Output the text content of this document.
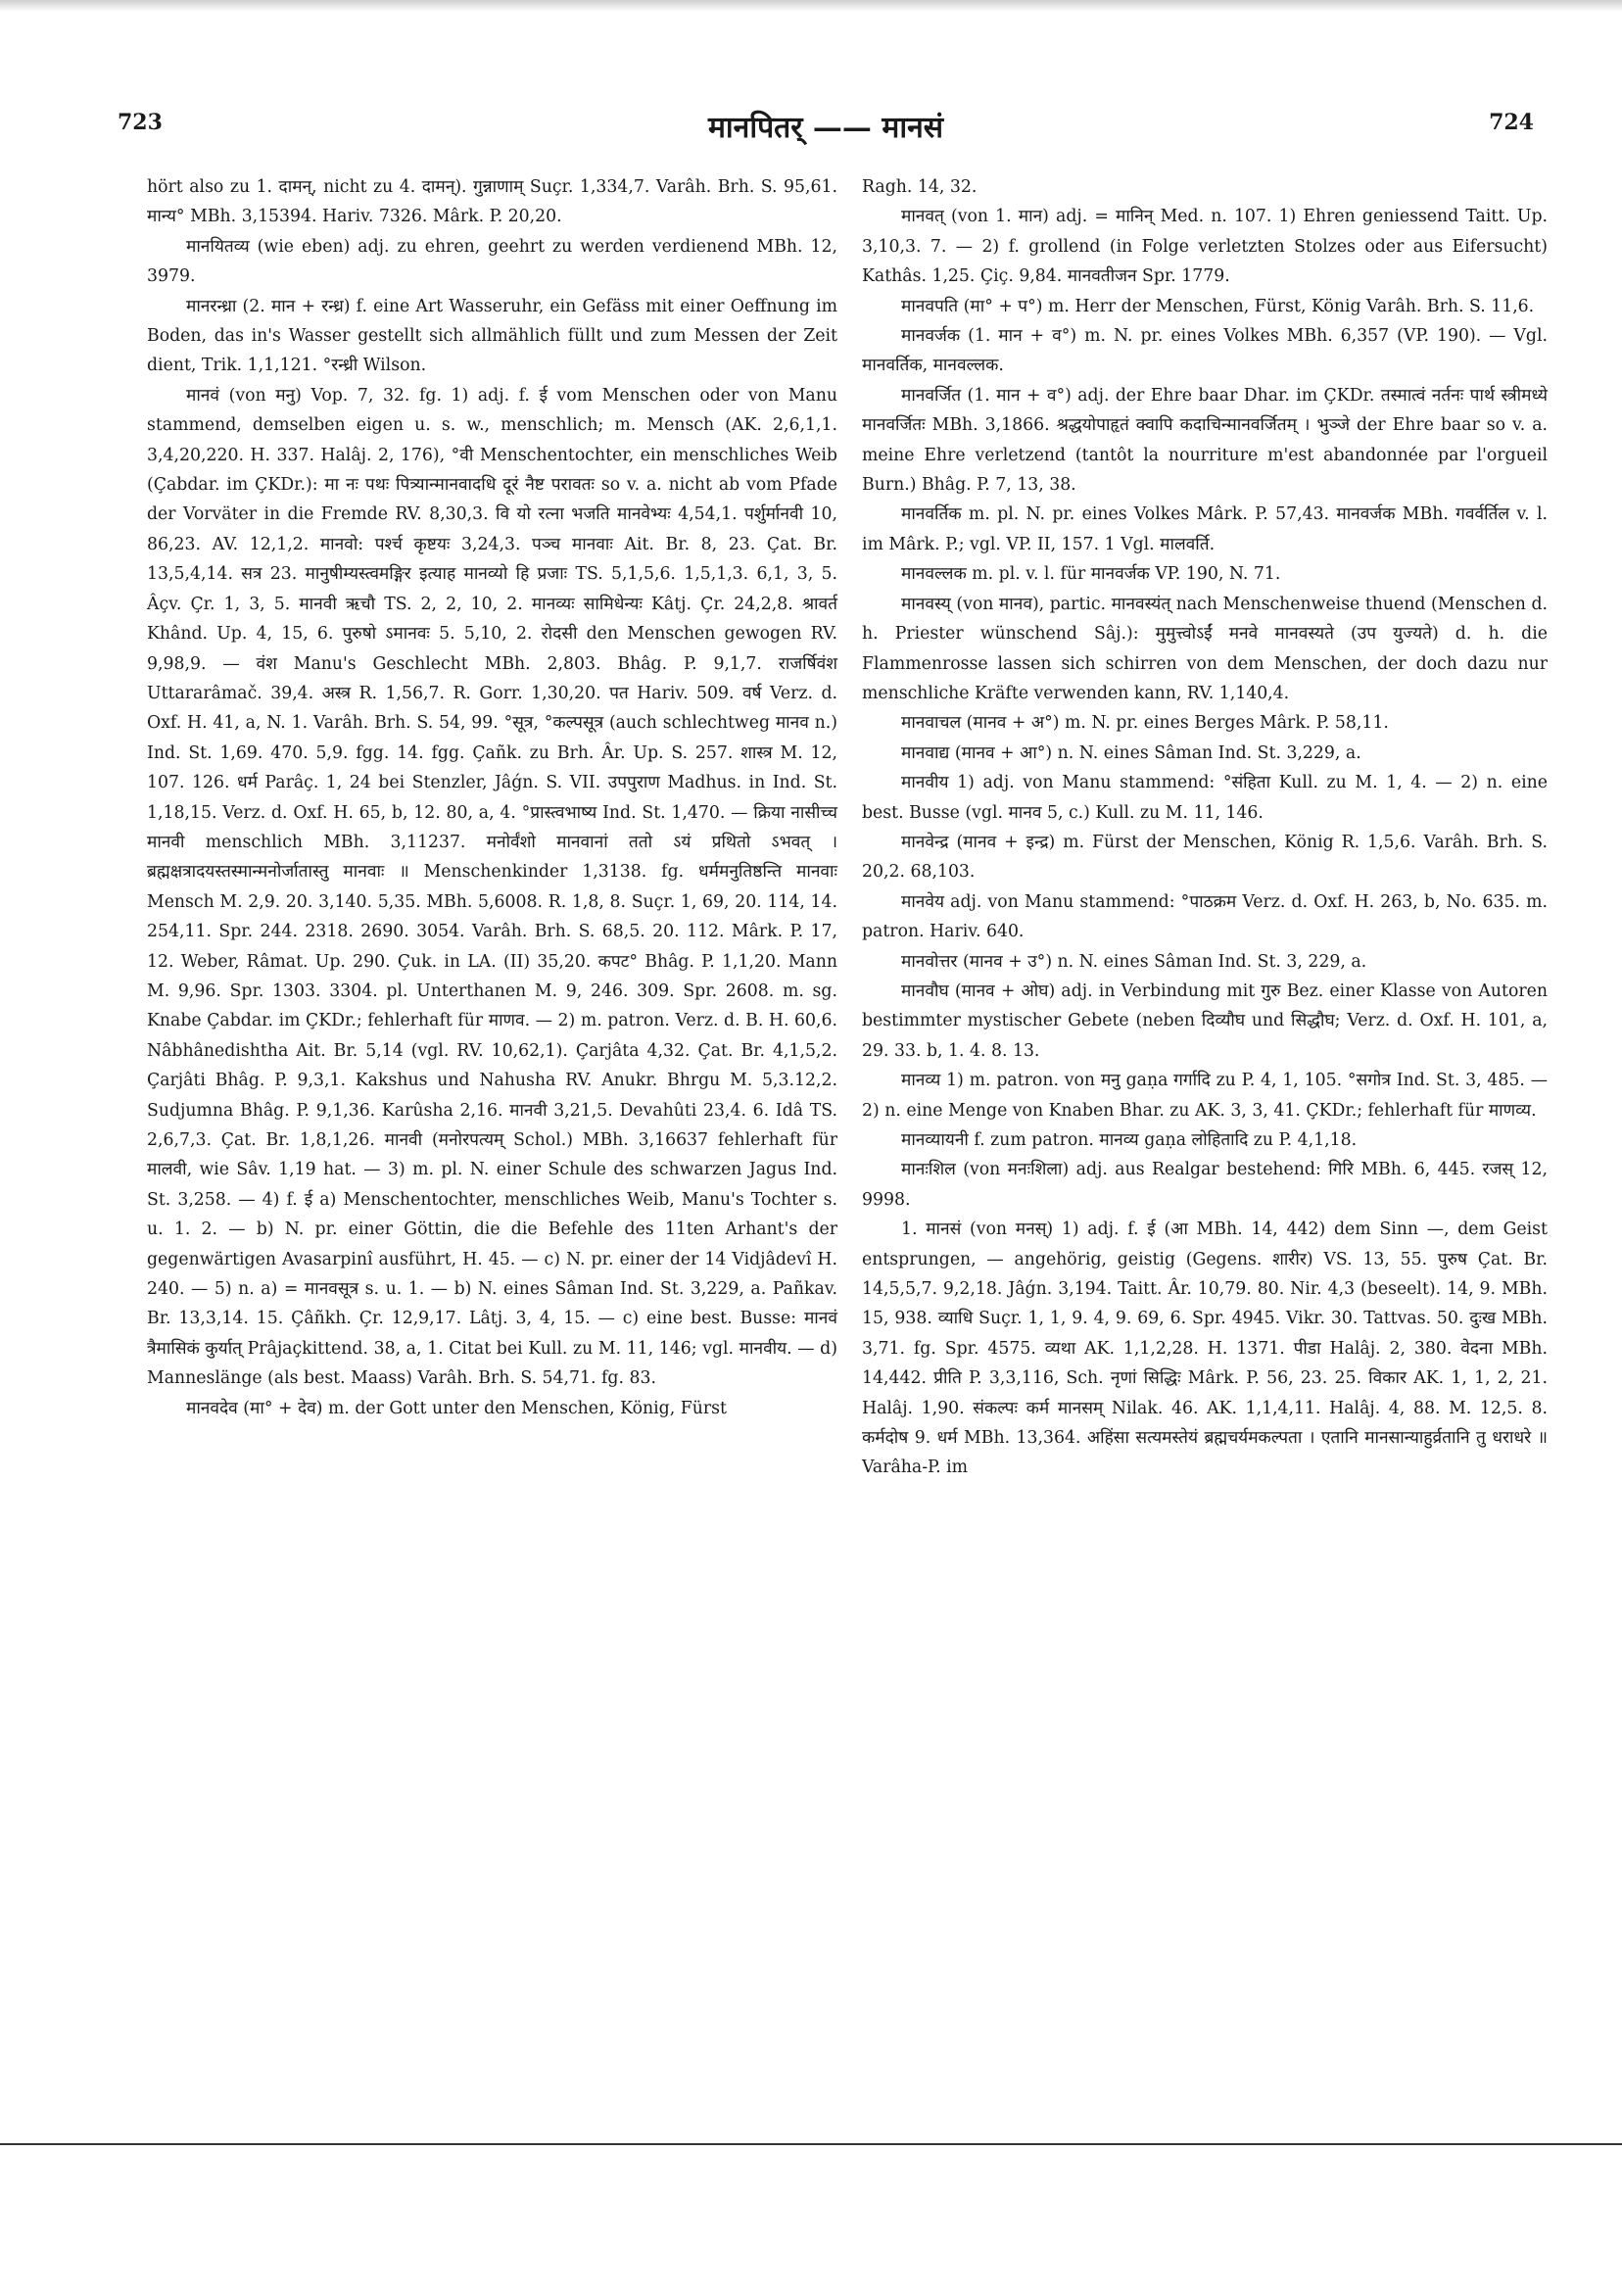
723	मानपितर् —— मानसं	724

hört also zu 1. दामन्, nicht zu 4. दामन्). गुन्नाणाम् Suçr. 1,334,7. Varâh. Brh. S. 95,61. मान्य° MBh. 3,15394. Hariv. 7326. Mârk. P. 20,20.

मानयितव्य (wie eben) adj. zu ehren, geehrt zu werden verdienend MBh. 12, 3979.

मानरन्ध्रा (2. मान + रन्ध्र) f. eine Art Wasseruhr, ein Gefäss mit einer Oeffnung im Boden, das in's Wasser gestellt sich allmählich füllt und zum Messen der Zeit dient, Trik. 1,1,121. °रन्ध्री Wilson.

मानवं (von मनु) Vop. 7, 32. fg. 1) adj. f. ई vom Menschen oder von Manu stammend, demselben eigen u. s. w., menschlich; m. Mensch (AK. 2,6,1,1. 3,4,20,220. H. 337. Halâj. 2, 176), °वी Menschentochter, ein menschliches Weib (Çabdar. im ÇKDr.): मा नः पथः पित्र्यान्मानवादधि दूरं नैष्ट परावतः so v. a. nicht ab vom Pfade der Vorväter in die Fremde RV. 8,30,3. वि यो रत्ना भजति मानवेभ्यः 4,54,1. पर्शुर्मानवी 10, 86,23. AV. 12,1,2. मानवो: पर्श्च कृष्टयः 3,24,3. पञ्च मानवाः Ait. Br. 8, 23. Çat. Br. 13,5,4,14. सत्र 23. मानुषीम्यस्त्वमङ्गिर इत्याह मानव्यो हि प्रजाः TS. 5,1,5,6. 1,5,1,3. 6,1, 3, 5. Âçv. Çr. 1, 3, 5. मानवी ऋचौ TS. 2, 2, 10, 2. मानव्यः सामिधेन्यः Kâtj. Çr. 24,2,8. श्रावर्त Khând. Up. 4, 15, 6. पुरुषो ऽमानवः 5. 5,10, 2. रोदसी den Menschen gewogen RV. 9,98,9. — वंश Manu's Geschlecht MBh. 2,803. Bhâg. P. 9,1,7. राजर्षिवंश Uttararâmač. 39,4. अस्त्र R. 1,56,7. R. Gorr. 1,30,20. पत Hariv. 509. वर्ष Verz. d. Oxf. H. 41, a, N. 1. Varâh. Brh. S. 54, 99. °सूत्र, °कल्पसूत्र (auch schlechtweg मानव n.) Ind. St. 1,69. 470. 5,9. fgg. 14. fgg. Çañk. zu Brh. Âr. Up. S. 257. शास्त्र M. 12, 107. 126. धर्म Parâç. 1, 24 bei Stenzler, Jâǵn. S. VII. उपपुराण Madhus. in Ind. St. 1,18,15. Verz. d. Oxf. H. 65, b, 12. 80, a, 4. °प्रास्त्वभाष्य Ind. St. 1,470. — क्रिया नासीच्च मानवी menschlich MBh. 3,11237. मनोर्वंशो मानवानां ततो ऽयं प्रथितो ऽभवत् । ब्रह्मक्षत्रादयस्तस्मान्मनोर्जातास्तु मानवाः ॥ Menschenkinder 1,3138. fg. धर्ममनुतिष्ठन्ति मानवाः Mensch M. 2,9. 20. 3,140. 5,35. MBh. 5,6008. R. 1,8, 8. Suçr. 1, 69, 20. 114, 14. 254,11. Spr. 244. 2318. 2690. 3054. Varâh. Brh. S. 68,5. 20. 112. Mârk. P. 17, 12. Weber, Râmat. Up. 290. Çuk. in LA. (II) 35,20. कपट° Bhâg. P. 1,1,20. Mann M. 9,96. Spr. 1303. 3304. pl. Unterthanen M. 9, 246. 309. Spr. 2608. m. sg. Knabe Çabdar. im ÇKDr.; fehlerhaft für माणव. — 2) m. patron. Verz. d. B. H. 60,6. Nâbhânedishtha Ait. Br. 5,14 (vgl. RV. 10,62,1). Çarjâta 4,32. Çat. Br. 4,1,5,2. Çarjâti Bhâg. P. 9,3,1. Kakshus und Nahusha RV. Anukr. Bhrgu M. 5,3.12,2. Sudjumna Bhâg. P. 9,1,36. Karûsha 2,16. मानवी 3,21,5. Devahûti 23,4. 6. Idâ TS. 2,6,7,3. Çat. Br. 1,8,1,26. मानवी (मनोरपत्यम् Schol.) MBh. 3,16637 fehlerhaft für मालवी, wie Sâv. 1,19 hat. — 3) m. pl. N. einer Schule des schwarzen Jagus Ind. St. 3,258. — 4) f. ई a) Menschentochter, menschliches Weib, Manu's Tochter s. u. 1. 2. — b) N. pr. einer Göttin, die die Befehle des 11ten Arhant's der gegenwärtigen Avasarpinî ausführt, H. 45. — c) N. pr. einer der 14 Vidjâdevî H. 240. — 5) n. a) = मानवसूत्र s. u. 1. — b) N. eines Sâman Ind. St. 3,229, a. Pañkav. Br. 13,3,14. 15. Çâñkh. Çr. 12,9,17. Lâtj. 3, 4, 15. — c) eine best. Busse: मानवं त्रैमासिकं कुर्यात् Prâjaçkittend. 38, a, 1. Citat bei Kull. zu M. 11, 146; vgl. मानवीय. — d) Manneslänge (als best. Maass) Varâh. Brh. S. 54,71. fg. 83.

मानवदेव (मा° + देव) m. der Gott unter den Menschen, König, Fürst

Ragh. 14, 32.

मानवत् (von 1. मान) adj. = मानिन् Med. n. 107. 1) Ehren geniessend Taitt. Up. 3,10,3. 7. — 2) f. grollend (in Folge verletzten Stolzes oder aus Eifersucht) Kathâs. 1,25. Çiç. 9,84. मानवतीजन Spr. 1779.

मानवपति (मा° + प°) m. Herr der Menschen, Fürst, König Varâh. Brh. S. 11,6.

मानवर्जक (1. मान + व°) m. N. pr. eines Volkes MBh. 6,357 (VP. 190). — Vgl. मानवर्तिक, मानवल्लक.

मानवर्जित (1. मान + व°) adj. der Ehre baar Dhar. im ÇKDr. तस्मात्वं नर्तनः पार्थ स्त्रीमध्ये मानवर्जितः MBh. 3,1866. श्रद्धयोपाहृतं क्वापि कदाचिन्मानवर्जितम् । भुञ्जे der Ehre baar so v. a. meine Ehre verletzend (tantôt la nourriture m'est abandonnée par l'orgueil Burn.) Bhâg. P. 7, 13, 38.

मानवर्तिक m. pl. N. pr. eines Volkes Mârk. P. 57,43. मानवर्जक MBh. गवर्वर्तिल v. l. im Mârk. P.; vgl. VP. II, 157. 1 Vgl. मालवर्ति.

मानवल्लक m. pl. v. l. für मानवर्जक VP. 190, N. 71.

मानवस्य् (von मानव), partic. मानवस्यंत् nach Menschenweise thuend (Menschen d. h. Priester wünschend Sâj.): मुमुत्त्वोऽईं मनवे मानवस्यते (उप युज्यते) d. h. die Flammenrosse lassen sich schirren von dem Menschen, der doch dazu nur menschliche Kräfte verwenden kann, RV. 1,140,4.

मानवाचल (मानव + अ°) m. N. pr. eines Berges Mârk. P. 58,11.

मानवाद्य (मानव + आ°) n. N. eines Sâman Ind. St. 3,229, a.

मानवीय 1) adj. von Manu stammend: °संहिता Kull. zu M. 1, 4. — 2) n. eine best. Busse (vgl. मानव 5, c.) Kull. zu M. 11, 146.

मानवेन्द्र (मानव + इन्द्र) m. Fürst der Menschen, König R. 1,5,6. Varâh. Brh. S. 20,2. 68,103.

मानवेय adj. von Manu stammend: °पाठक्रम Verz. d. Oxf. H. 263, b, No. 635. m. patron. Hariv. 640.

मानवोत्तर (मानव + उ°) n. N. eines Sâman Ind. St. 3, 229, a.

मानवौघ (मानव + ओघ) adj. in Verbindung mit गुरु Bez. einer Klasse von Autoren bestimmter mystischer Gebete (neben दिव्यौघ und सिद्धौघ; Verz. d. Oxf. H. 101, a, 29. 33. b, 1. 4. 8. 13.

मानव्य 1) m. patron. von मनु gaṇa गर्गादि zu P. 4, 1, 105. °सगोत्र Ind. St. 3, 485. — 2) n. eine Menge von Knaben Bhar. zu AK. 3, 3, 41. ÇKDr.; fehlerhaft für माणव्य.

मानव्यायनी f. zum patron. मानव्य gaṇa लोहितादि zu P. 4,1,18.

मानःशिल (von मनःशिला) adj. aus Realgar bestehend: गिरि MBh. 6, 445. रजस् 12, 9998.

1. मानसं (von मनस्) 1) adj. f. ई (आ MBh. 14, 442) dem Sinn —, dem Geist entsprungen, — angehörig, geistig (Gegens. शारीर) VS. 13, 55. पुरुष Çat. Br. 14,5,5,7. 9,2,18. Jâǵn. 3,194. Taitt. Âr. 10,79. 80. Nir. 4,3 (beseelt). 14, 9. MBh. 15, 938. व्याधि Suçr. 1, 1, 9. 4, 9. 69, 6. Spr. 4945. Vikr. 30. Tattvas. 50. दुःख MBh. 3,71. fg. Spr. 4575. व्यथा AK. 1,1,2,28. H. 1371. पीडा Halâj. 2, 380. वेदना MBh. 14,442. प्रीति P. 3,3,116, Sch. नृणां सिद्धिः Mârk. P. 56, 23. 25. विकार AK. 1, 1, 2, 21. Halâj. 1,90. संकल्पः कर्म मानसम् Nilak. 46. AK. 1,1,4,11. Halâj. 4, 88. M. 12,5. 8. कर्मदोष 9. धर्म MBh. 13,364. अहिंसा सत्यमस्तेयं ब्रह्मचर्यमकल्पता । एतानि मानसान्याहुर्व्रतानि तु धराधरे ॥ Varâha-P. im
